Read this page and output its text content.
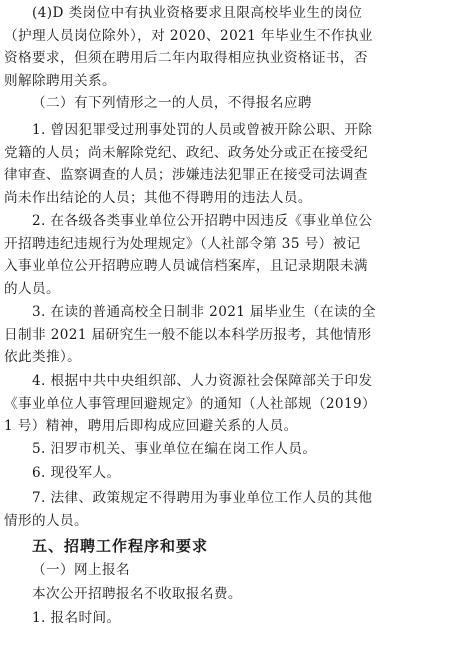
(4)D 类岗位中有执业资格要求且限高校毕业生的岗位
（护理人员岗位除外），对 2020、2021 年毕业生不作执业
资格要求，但须在聘用后二年内取得相应执业资格证书，否
则解除聘用关系。
（二）有下列情形之一的人员，不得报名应聘
1. 曾因犯罪受过刑事处罚的人员或曾被开除公职、开除
党籍的人员；尚未解除党纪、政纪、政务处分或正在接受纪
律审查、监察调查的人员；涉嫌违法犯罪正在接受司法调查
尚未作出结论的人员；其他不得聘用的违法人员。
2. 在各级各类事业单位公开招聘中因违反《事业单位公
开招聘违纪违规行为处理规定》（人社部令第 35 号）被记
入事业单位公开招聘应聘人员诚信档案库，且记录期限未满
的人员。
3. 在读的普通高校全日制非 2021 届毕业生（在读的全
日制非 2021 届研究生一般不能以本科学历报考，其他情形
依此类推）。
4. 根据中共中央组织部、人力资源社会保障部关于印发
《事业单位人事管理回避规定》的通知（人社部规（2019）
1 号）精神，聘用后即构成应回避关系的人员。
5. 汨罗市机关、事业单位在编在岗工作人员。
6. 现役军人。
7. 法律、政策规定不得聘用为事业单位工作人员的其他
情形的人员。
五、招聘工作程序和要求
（一）网上报名
本次公开招聘报名不收取报名费。
1. 报名时间。
